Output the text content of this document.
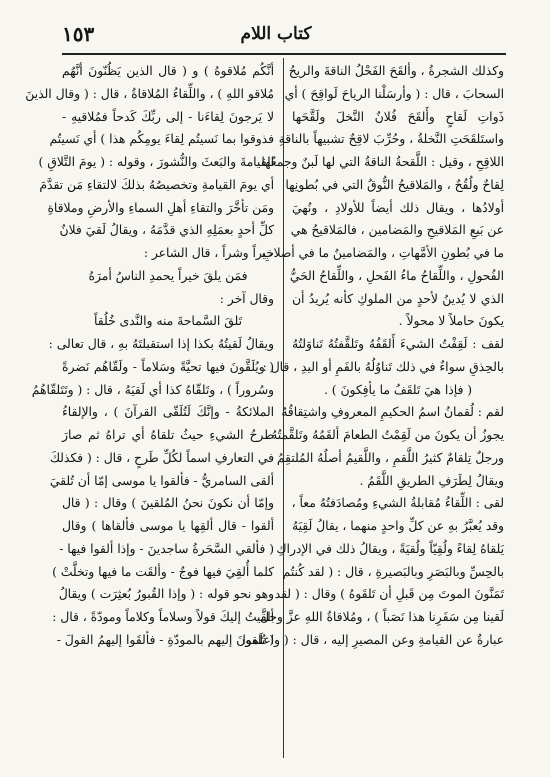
كتاب اللام
١٥٣
وكذلك الشجرةُ ، وألقَحَ الفَحْلُ الناقةَ والريحُ
السحابَ ، قال : ( وأرسَلْنا الرياحَ لَواقِحَ ) أي
ذَواتِ لَقاحٍ وأَلقَحَ فُلانٌ النَّخلَ ولَقَّحَها
واستَلقَحَتِ النَّخلةُ ، وحُرِّبَ لاقِحٌ تشبيهاً بالناقةِ
اللاقِحِ ، وقيل : اللَّقحةُ الناقةُ التي لها لَبنٌ وجمعُها
لِقاحٌ ولُقُحٌ ، والمَلاقيحُ النُّوقُ التي في بُطونِها
أولادُها ، ويقال ذلك أيضاً للأولادِ ، ونُهيَ
عن بَيعِ المَلاقيحِ والمَضامين ، فالمَلاقيحُ هي
ما في بُطونِ الأمَّهاتِ ، والمَضامينُ ما في أصلابِ
الفُحولِ ، واللِّقاحُ ماءُ الفَحلِ ، واللِّقاحُ الحَيُّ
الذي لا يُدينُ لأحدٍ من الملوكِ كأنه يُريدُ أن
يكونَ حاملاً لا محولاً .
لقف : لَقِفْتُ الشيءَ أَلقَفُهُ وتَلقَّفتُهُ تَناوَلتُهُ
بالحِذقِ سواءٌ في ذلك تَناوُلُهُ بالفَمِ أو اليدِ ، قال :
( فإذا هيَ تَلقَفُ ما يأفِكونَ ) .
لقم : لُقمانُ اسمُ الحكيمِ المعروفِ واشتِقاقُهُ
يجوزُ أن يكونَ من لَقِمْتُ الطعامَ ألقَمُهُ وتَلقَّمتُهُ
ورجلٌ تِلقامٌ كثيرُ اللَّقمِ ، واللَّقيمُ أصلُهُ المُلتقِمُ
ويقالُ لِطَرَفِ الطريقِ اللَّقَمُ .
لقى : اللِّقاءُ مُقابلةُ الشيءِ ومُصادَفتُهُ معاً ،
وقد يُعبَّرُ بهِ عن كلِّ واحدٍ منهما ، يقالُ لَقِيَهُ
يَلقاهُ لِقاءً ولُقِيّاً ولُقيَةً ، ويقالُ ذلك في الإدراكِ
بالحِسِّ وبالبَصَرِ وبالبَصيرةِ ، قال : ( لقد كُنتُم
تَمَنَّونَ الموتَ مِن قَبلِ أن تَلقَوهُ ) وقال : ( لقد
لَقينا مِن سَفَرِنا هذا نَصَباً ) ، ومُلاقاةُ اللهِ عزَّ وجلَّ
عبارةٌ عن القيامةِ وعن المصيرِ إليه ، قال : ( واعلَموا
أنَّكُم مُلاقوهُ ) و ( قال الذين يَظُنّونَ أنَّهُم
مُلاقو اللهِ ) ، واللِّقاءُ المُلاقاةُ ، قال : ( وقال الذينَ
لا يَرجونَ لِقاءَنا - إلى ربِّكَ كَدحاً فمُلاقيهِ -
فذوقوا بما نَسيتُم لِقاءَ يومِكُم هذا ) أي نَسيتُم
القيامةَ والبَعثَ والنُّشورَ ، وقوله : ( يومَ التَّلاقِ )
أي يومَ القيامةِ وتخصيصُهُ بذلكَ لالتقاءِ مَن تقدَّمَ
ومَن تأخَّرَ والتقاءِ أهلِ السماءِ والأرضِ وملاقاةِ
كلِّ أحدٍ بعمَلِهِ الذي قدَّمَهُ ، ويقالُ لَقيَ فلانٌ
خيراً وشراً ، قال الشاعر :
فمَن يلقَ خيراً يحمدِ الناسُ أمرَهُ
وقال آخر :
تَلقَ السَّماحةَ منه والنَّدى خُلُقاً
ويقالُ لَقيتُهُ بكذا إذا استقبلتَهُ بهِ ، قال تعالى :
( ويُلَقَّونَ فيها تحيَّةً وسَلاماً - ولَقّاهُم نَضرةً
وسُروراً ) ، وتَلقّاهُ كذا أي لَقيَهُ ، قال : ( وتَتَلقّاهُمُ
الملائكةُ - وإنَّكَ لَتُلَقّى القرآنَ ) ، والإلقاءُ
طرحُ الشيءِ حيثُ تلقاهُ أي تراهُ ثم صارَ
في التعارفِ اسماً لكُلِّ طَرحٍ ، قال : ( فكذلكَ
ألقى السامريُّ - فألقوا يا موسى إمّا أن تُلقيَ
وإمّا أن نكونَ نحنُ المُلقينَ ) وقال : ( قال
ألقوا - قال ألقِها يا موسى فألقاها ) وقال
( فألقي السَّحَرةُ ساجدينَ - وإذا ألقوا فيها -
كلما أُلقِيَ فيها فوجٌ - وألقَت ما فيها وتخلَّتْ )
وهو نحو قوله : ( وإذا القُبورُ بُعثِرَت ) ويقالُ
ألقيتُ إليكَ قولاً وسلاماً وكلاماً ومودّةً ، قال :
( تُلقونَ إليهم بالمودّةِ - فألقَوا إليهمُ القولَ -
